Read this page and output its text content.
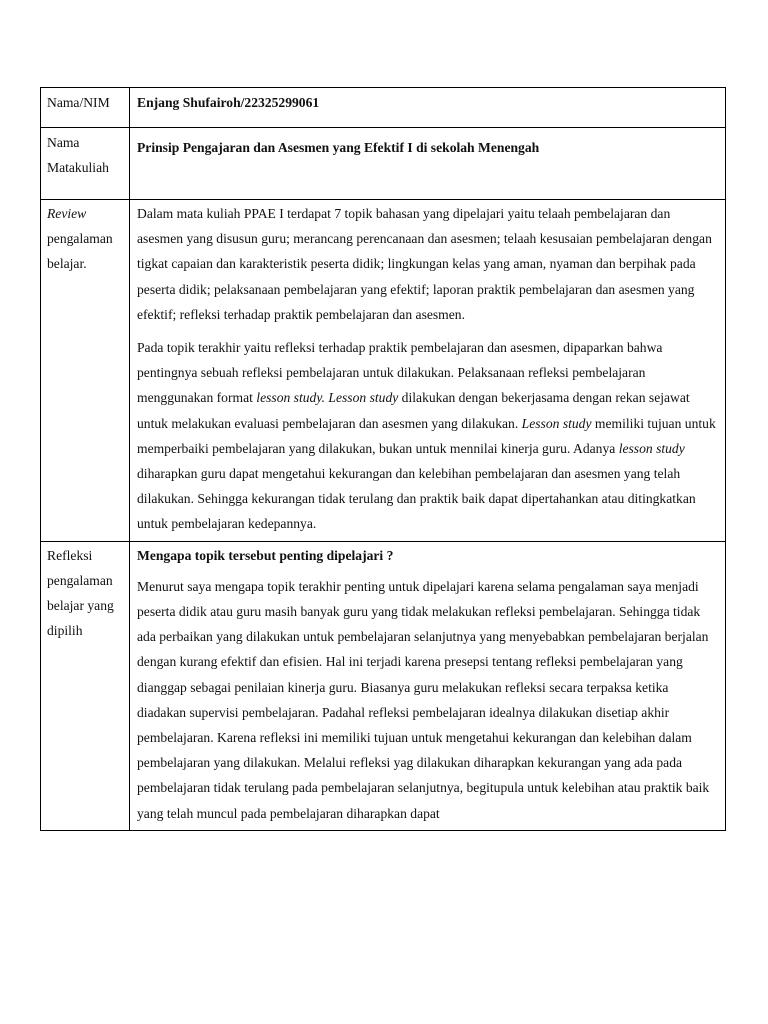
Nama/NIM	Enjang Shufairoh/22325299061
Nama Matakuliah	Prinsip Pengajaran dan Asesmen yang Efektif I di sekolah Menengah

Review pengalaman belajar.	Dalam mata kuliah PPAE I terdapat 7 topik bahasan yang dipelajari yaitu telaah pembelajaran dan asesmen yang disusun guru; merancang perencanaan dan asesmen; telaah kesusaian pembelajaran dengan tigkat capaian dan karakteristik peserta didik; lingkungan kelas yang aman, nyaman dan berpihak pada peserta didik; pelaksanaan pembelajaran yang efektif; laporan praktik pembelajaran dan asesmen yang efektif; refleksi terhadap praktik pembelajaran dan asesmen.

Pada topik terakhir yaitu refleksi terhadap praktik pembelajaran dan asesmen, dipaparkan bahwa pentingnya sebuah refleksi pembelajaran untuk dilakukan. Pelaksanaan refleksi pembelajaran menggunakan format lesson study. Lesson study dilakukan dengan bekerjasama dengan rekan sejawat untuk melakukan evaluasi pembelajaran dan asesmen yang dilakukan. Lesson study memiliki tujuan untuk memperbaiki pembelajaran yang dilakukan, bukan untuk mennilai kinerja guru. Adanya lesson study diharapkan guru dapat mengetahui kekurangan dan kelebihan pembelajaran dan asesmen yang telah dilakukan. Sehingga kekurangan tidak terulang dan praktik baik dapat dipertahankan atau ditingkatkan untuk pembelajaran kedepannya.

Refleksi pengalaman belajar yang dipilih	Mengapa topik tersebut penting dipelajari ?

Menurut saya mengapa topik terakhir penting untuk dipelajari karena selama pengalaman saya menjadi peserta didik atau guru masih banyak guru yang tidak melakukan refleksi pembelajaran. Sehingga tidak ada perbaikan yang dilakukan untuk pembelajaran selanjutnya yang menyebabkan pembelajaran berjalan dengan kurang efektif dan efisien. Hal ini terjadi karena presepsi tentang refleksi pembelajaran yang dianggap sebagai penilaian kinerja guru. Biasanya guru melakukan refleksi secara terpaksa ketika diadakan supervisi pembelajaran. Padahal refleksi pembelajaran idealnya dilakukan disetiap akhir pembelajaran. Karena refleksi ini memiliki tujuan untuk mengetahui kekurangan dan kelebihan dalam pembelajaran yang dilakukan. Melalui refleksi yag dilakukan diharapkan kekurangan yang ada pada pembelajaran tidak terulang pada pembelajaran selanjutnya, begitupula untuk kelebihan atau praktik baik yang telah muncul pada pembelajaran diharapkan dapat
